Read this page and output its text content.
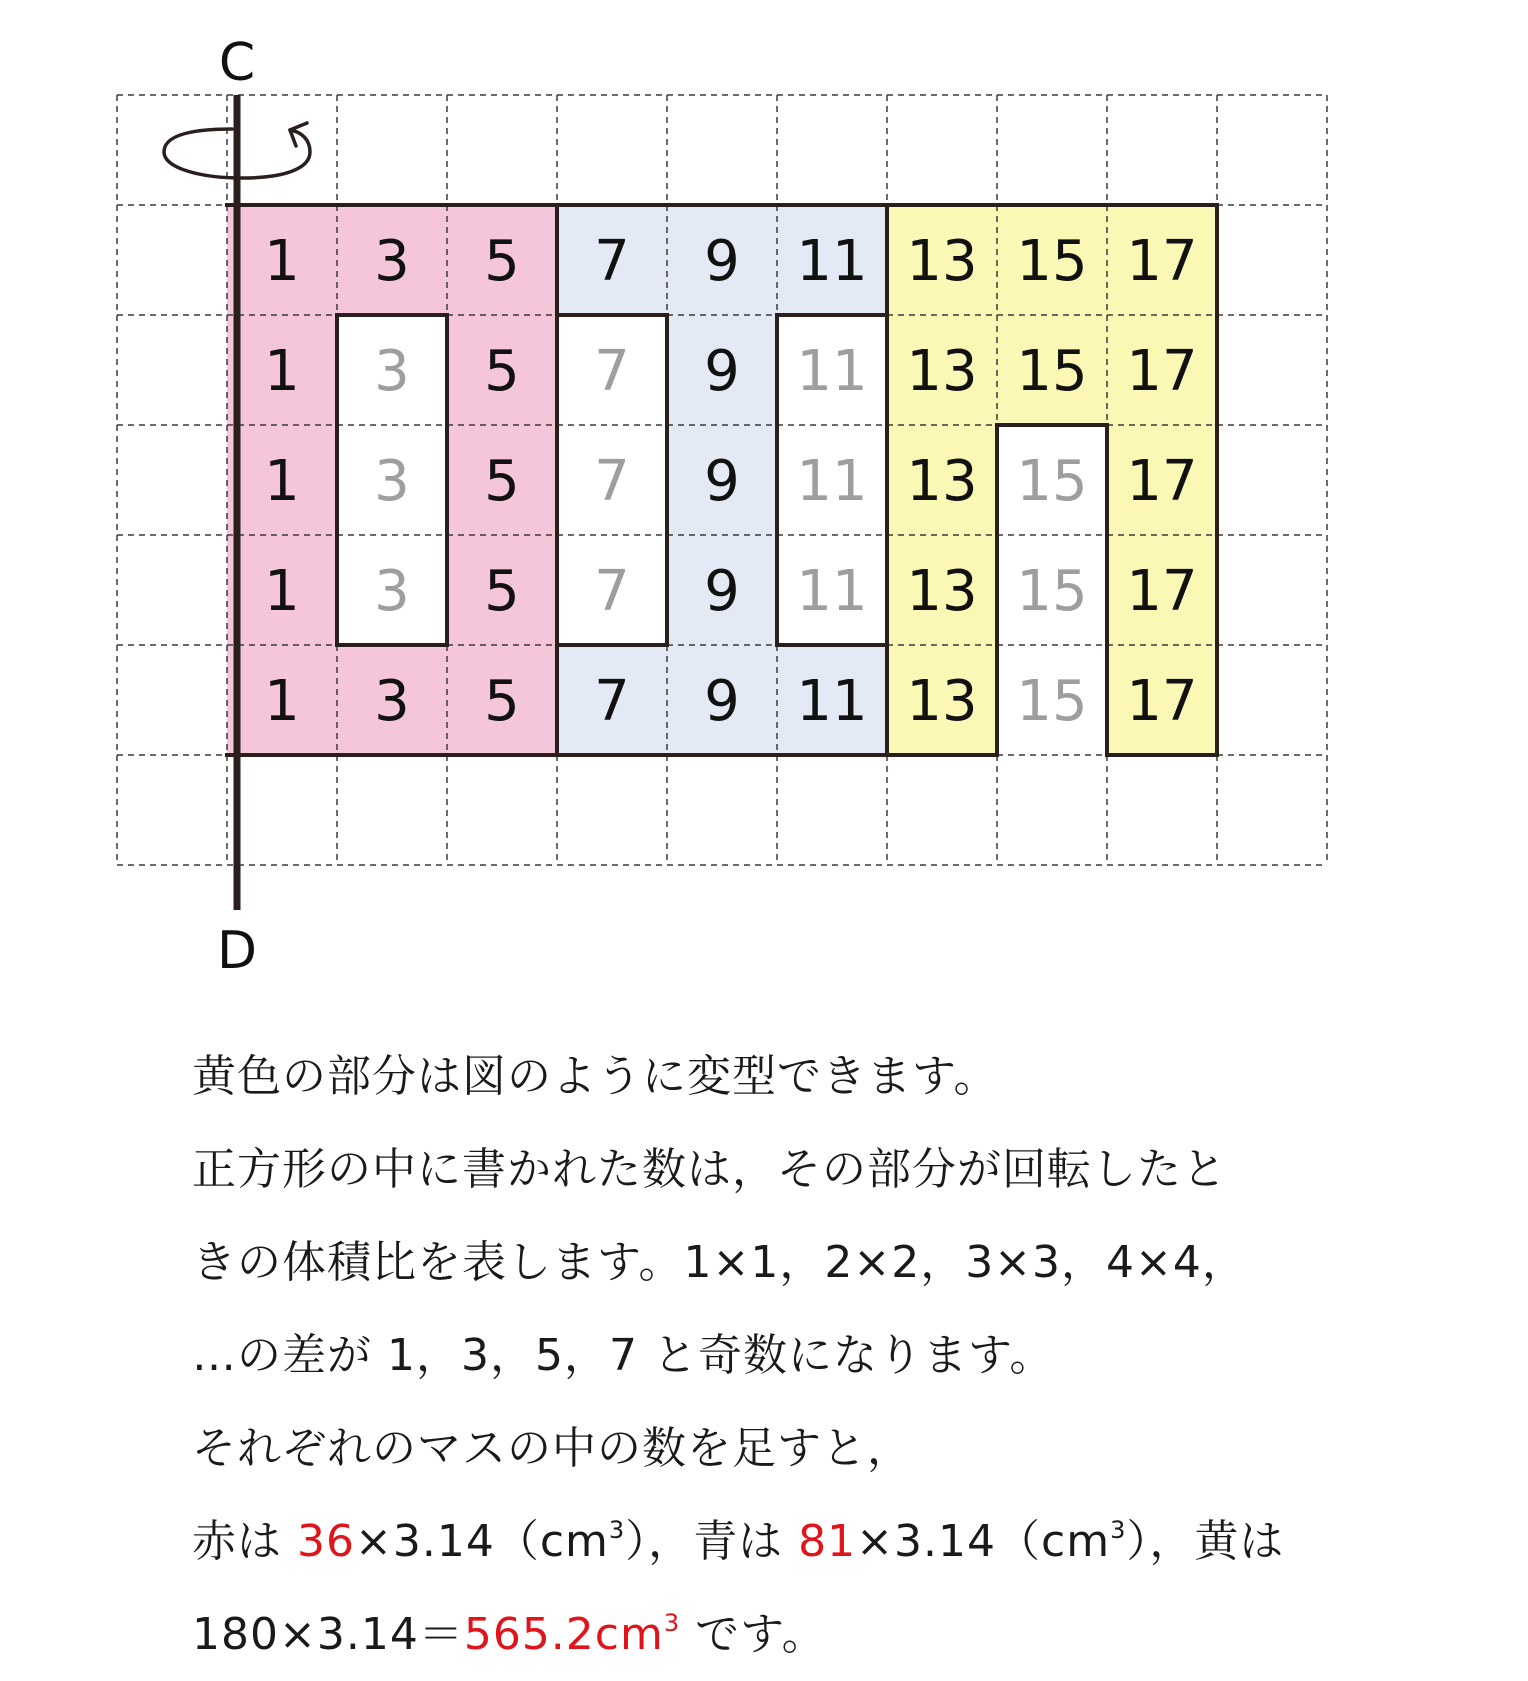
1 3 5 7 9 11 13 15 17
1 3 5 7 9 11 13 15 17
1 3 5 7 9 11 13 15 17
1 3 5 7 9 11 13 15 17
1 3 5 7 9 11 13 15 17
C
D
黄色の部分は図のように変型できます。
正方形の中に書かれた数は，その部分が回転したと
きの体積比を表します。1×1，2×2，3×3，4×4，
…の差が 1，3，5，7 と奇数になります。
それぞれのマスの中の数を足すと，
赤は $36\times 3.14(cm^3)$，青は $81\times 3.14(cm^3)$，黄は
$180\times 3.14=565.2cm^3$ です。
